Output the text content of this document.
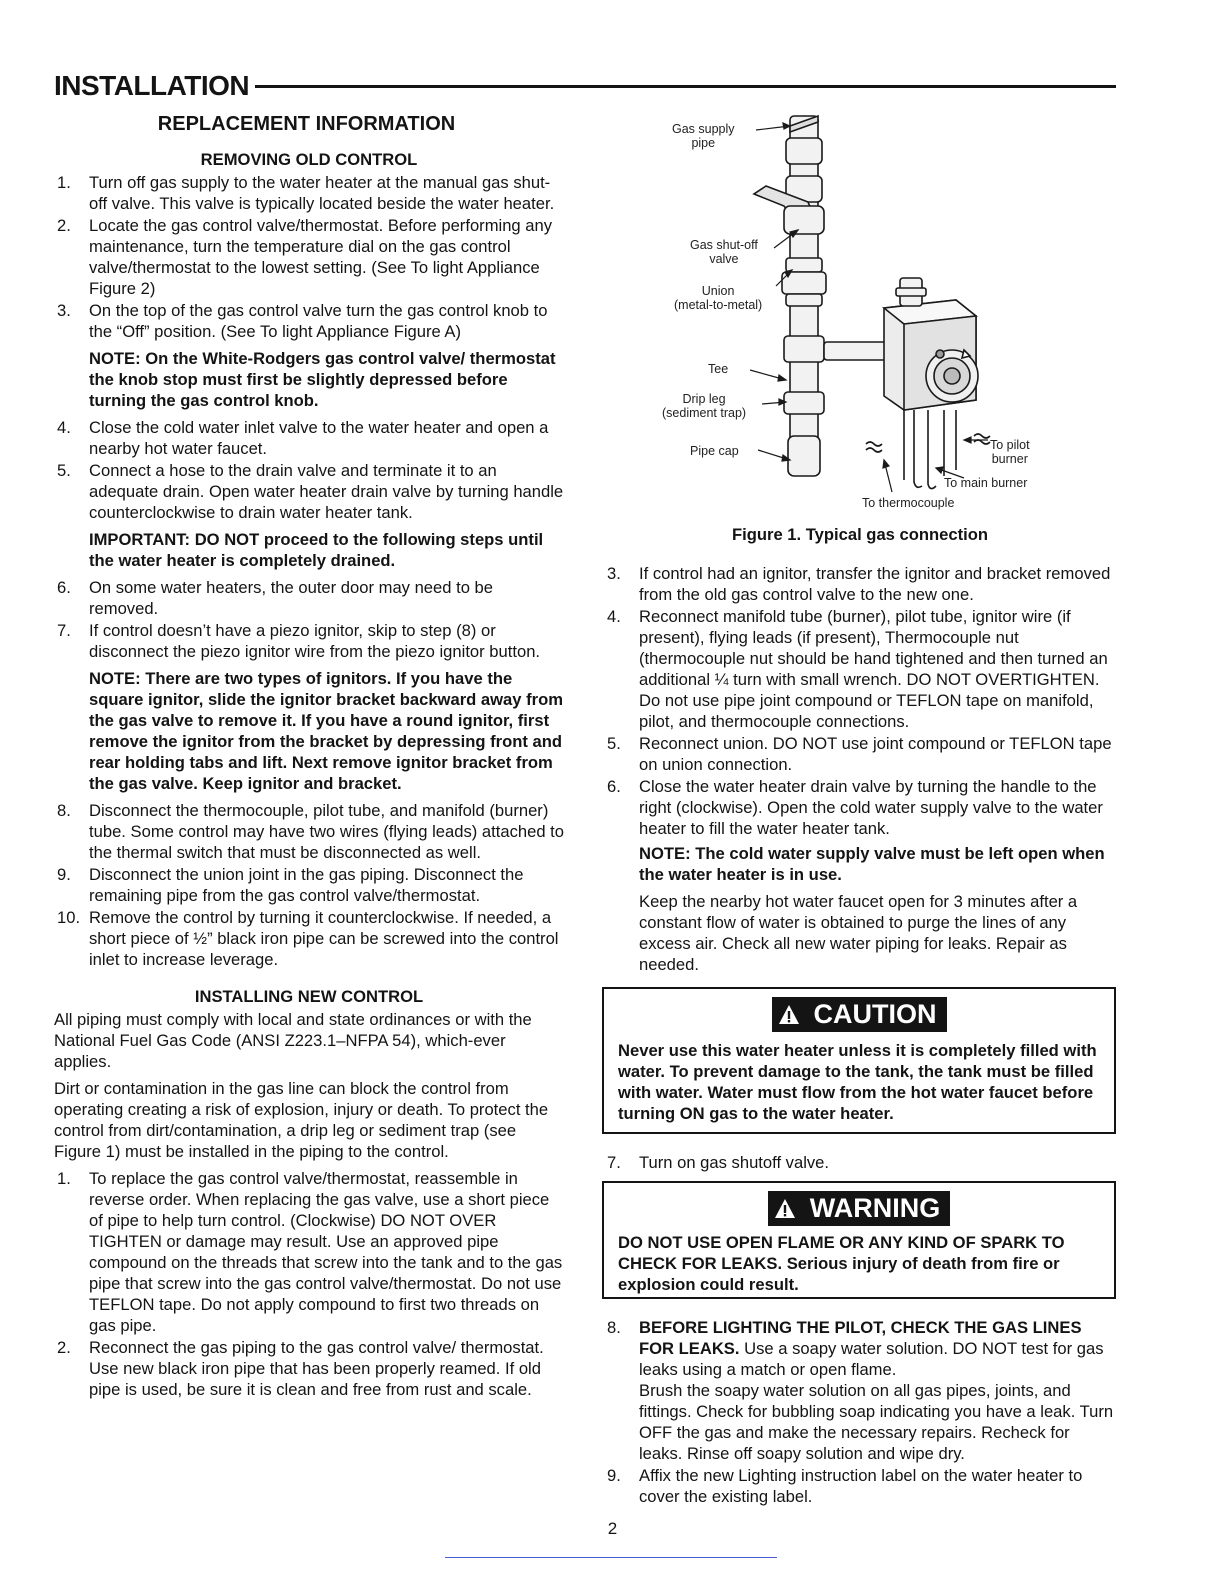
INSTALLATION
REPLACEMENT INFORMATION
REMOVING OLD CONTROL
1.	Turn off gas supply to the water heater at the manual gas shut-off valve. This valve is typically located beside the water heater.
2.	Locate the gas control valve/thermostat. Before performing any maintenance, turn the temperature dial on the gas control valve/thermostat to the lowest setting. (See To light Appliance Figure 2)
3.	On the top of the gas control valve turn the gas control knob to the “Off” position. (See To light Appliance Figure A)
NOTE: On the White-Rodgers gas control valve/ thermostat the knob stop must first be slightly depressed before turning the gas control knob.
4.	Close the cold water inlet valve to the water heater and open a nearby hot water faucet.
5.	Connect a hose to the drain valve and terminate it to an adequate drain. Open water heater drain valve by turning handle counterclockwise to drain water heater tank.
IMPORTANT: DO NOT proceed to the following steps until the water heater is completely drained.
6.	On some water heaters, the outer door may need to be removed.
7.	If control doesn’t have a piezo ignitor, skip to step (8) or disconnect the piezo ignitor wire from the piezo ignitor button.
NOTE: There are two types of ignitors. If you have the square ignitor, slide the ignitor bracket backward away from the gas valve to remove it. If you have a round ignitor, first remove the ignitor from the bracket by depressing front and rear holding tabs and lift. Next remove ignitor bracket from the gas valve. Keep ignitor and bracket.
8.	Disconnect the thermocouple, pilot tube, and manifold (burner) tube. Some control may have two wires (flying leads) attached to the thermal switch that must be disconnected as well.
9.	Disconnect the union joint in the gas piping. Disconnect the remaining pipe from the gas control valve/thermostat.
10. Remove the control by turning it counterclockwise. If needed, a short piece of ½” black iron pipe can be screwed into the control inlet to increase leverage.
INSTALLING NEW CONTROL
All piping must comply with local and state ordinances or with the National Fuel Gas Code (ANSI Z223.1–NFPA 54), which-ever applies.
Dirt or contamination in the gas line can block the control from operating creating a risk of explosion, injury or death. To protect the control from dirt/contamination, a drip leg or sediment trap (see Figure 1) must be installed in the piping to the control.
1.	To replace the gas control valve/thermostat, reassemble in reverse order. When replacing the gas valve, use a short piece of pipe to help turn control. (Clockwise) DO NOT OVER TIGHTEN or damage may result. Use an approved pipe compound on the threads that screw into the tank and to the gas pipe that screw into the gas control valve/thermostat. Do not use TEFLON tape. Do not apply compound to first two threads on gas pipe.
2.	Reconnect the gas piping to the gas control valve/ thermostat. Use new black iron pipe that has been properly reamed. If old pipe is used, be sure it is clean and free from rust and scale.
Gas supply
pipe
Gas shut-off
valve
Union
(metal-to-metal)
Tee
Drip leg
(sediment trap)
Pipe cap	To pilot
burner
To main burner
To thermocouple
Figure 1. Typical gas connection
3.	If control had an ignitor, transfer the ignitor and bracket removed from the old gas control valve to the new one.
4.	Reconnect manifold tube (burner), pilot tube, ignitor wire (if present), flying leads (if present), Thermocouple nut (thermocouple nut should be hand tightened and then turned an additional ¼ turn with small wrench. DO NOT OVERTIGHTEN. Do not use pipe joint compound or TEFLON tape on manifold, pilot, and thermocouple connections.
5.	Reconnect union. DO NOT use joint compound or TEFLON tape on union connection.
6.	Close the water heater drain valve by turning the handle to the right (clockwise). Open the cold water supply valve to the water heater to fill the water heater tank.
NOTE: The cold water supply valve must be left open when the water heater is in use.
Keep the nearby hot water faucet open for 3 minutes after a constant flow of water is obtained to purge the lines of any excess air. Check all new water piping for leaks. Repair as needed.
CAUTION
Never use this water heater unless it is completely filled with water. To prevent damage to the tank, the tank must be filled with water. Water must flow from the hot water faucet before turning ON gas to the water heater.
7.	Turn on gas shutoff valve.
WARNING
DO NOT USE OPEN FLAME OR ANY KIND OF SPARK TO CHECK FOR LEAKS. Serious injury of death from fire or explosion could result.
8.	BEFORE LIGHTING THE PILOT, CHECK THE GAS LINES FOR LEAKS. Use a soapy water solution. DO NOT test for gas leaks using a match or open flame.
Brush the soapy water solution on all gas pipes, joints, and fittings. Check for bubbling soap indicating you have a leak. Turn OFF the gas and make the necessary repairs. Recheck for leaks. Rinse off soapy solution and wipe dry.
9.	Affix the new Lighting instruction label on the water heater to cover the existing label.
2
